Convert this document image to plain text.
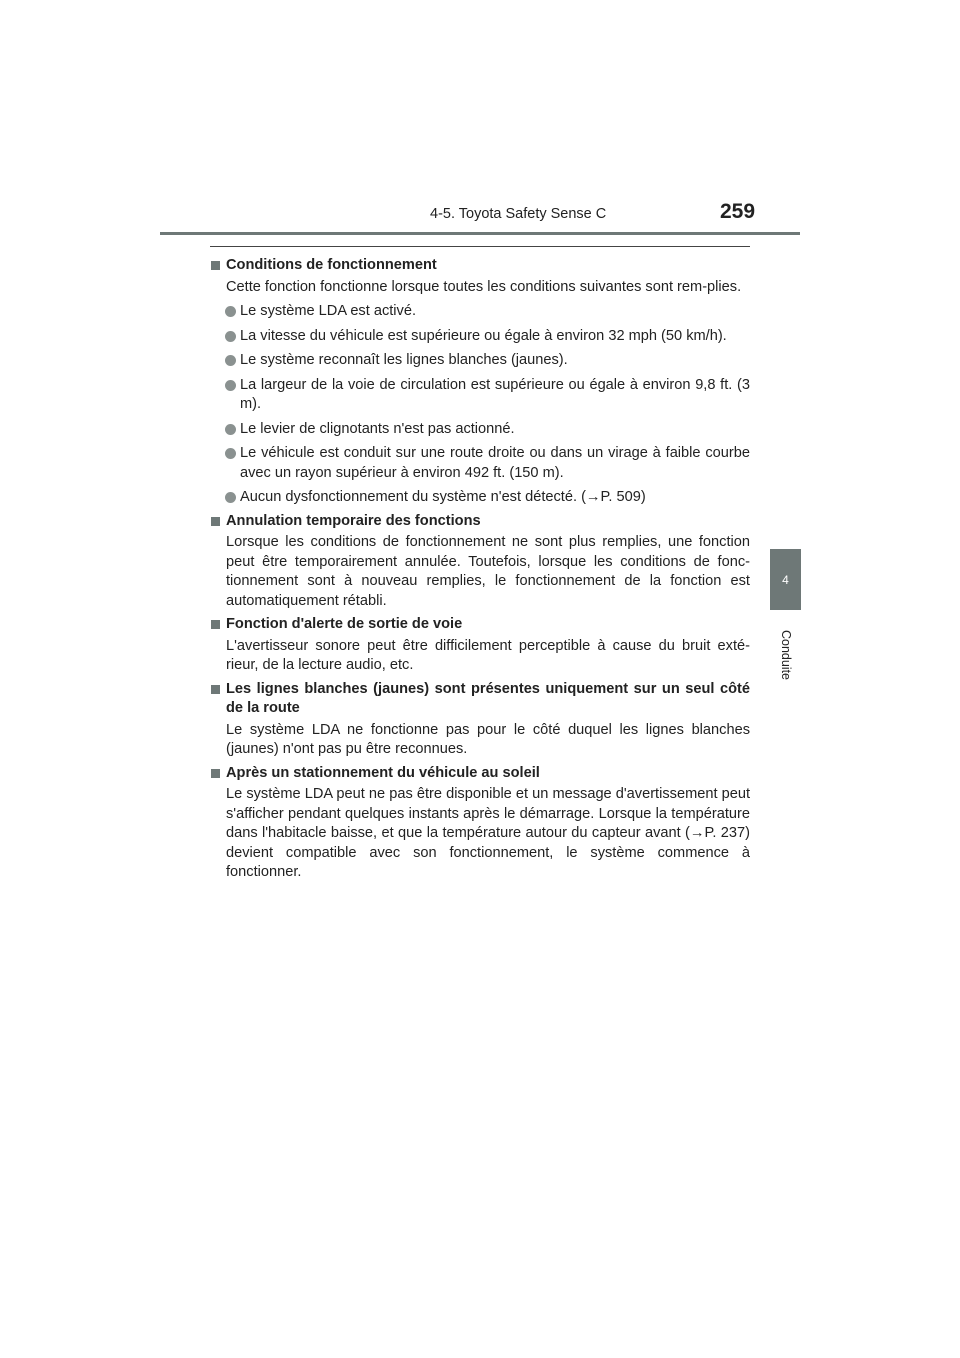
4-5. Toyota Safety Sense C	259
4
Conduite

Conditions de fonctionnement

Cette fonction fonctionne lorsque toutes les conditions suivantes sont rem-plies.

Le système LDA est activé.
La vitesse du véhicule est supérieure ou égale à environ 32 mph (50 km/h).
Le système reconnaît les lignes blanches (jaunes).
La largeur de la voie de circulation est supérieure ou égale à environ 9,8 ft. (3 m).
Le levier de clignotants n'est pas actionné.
Le véhicule est conduit sur une route droite ou dans un virage à faible courbe avec un rayon supérieur à environ 492 ft. (150 m).
Aucun dysfonctionnement du système n'est détecté. (→P. 509)

Annulation temporaire des fonctions

Lorsque les conditions de fonctionnement ne sont plus remplies, une fonction peut être temporairement annulée. Toutefois, lorsque les conditions de fonc-tionnement sont à nouveau remplies, le fonctionnement de la fonction est automatiquement rétabli.

Fonction d'alerte de sortie de voie

L'avertisseur sonore peut être difficilement perceptible à cause du bruit exté-rieur, de la lecture audio, etc.

Les lignes blanches (jaunes) sont présentes uniquement sur un seul côté de la route

Le système LDA ne fonctionne pas pour le côté duquel les lignes blanches (jaunes) n'ont pas pu être reconnues.

Après un stationnement du véhicule au soleil

Le système LDA peut ne pas être disponible et un message d'avertissement peut s'afficher pendant quelques instants après le démarrage. Lorsque la température dans l'habitacle baisse, et que la température autour du capteur avant (→P. 237) devient compatible avec son fonctionnement, le système commence à fonctionner.
